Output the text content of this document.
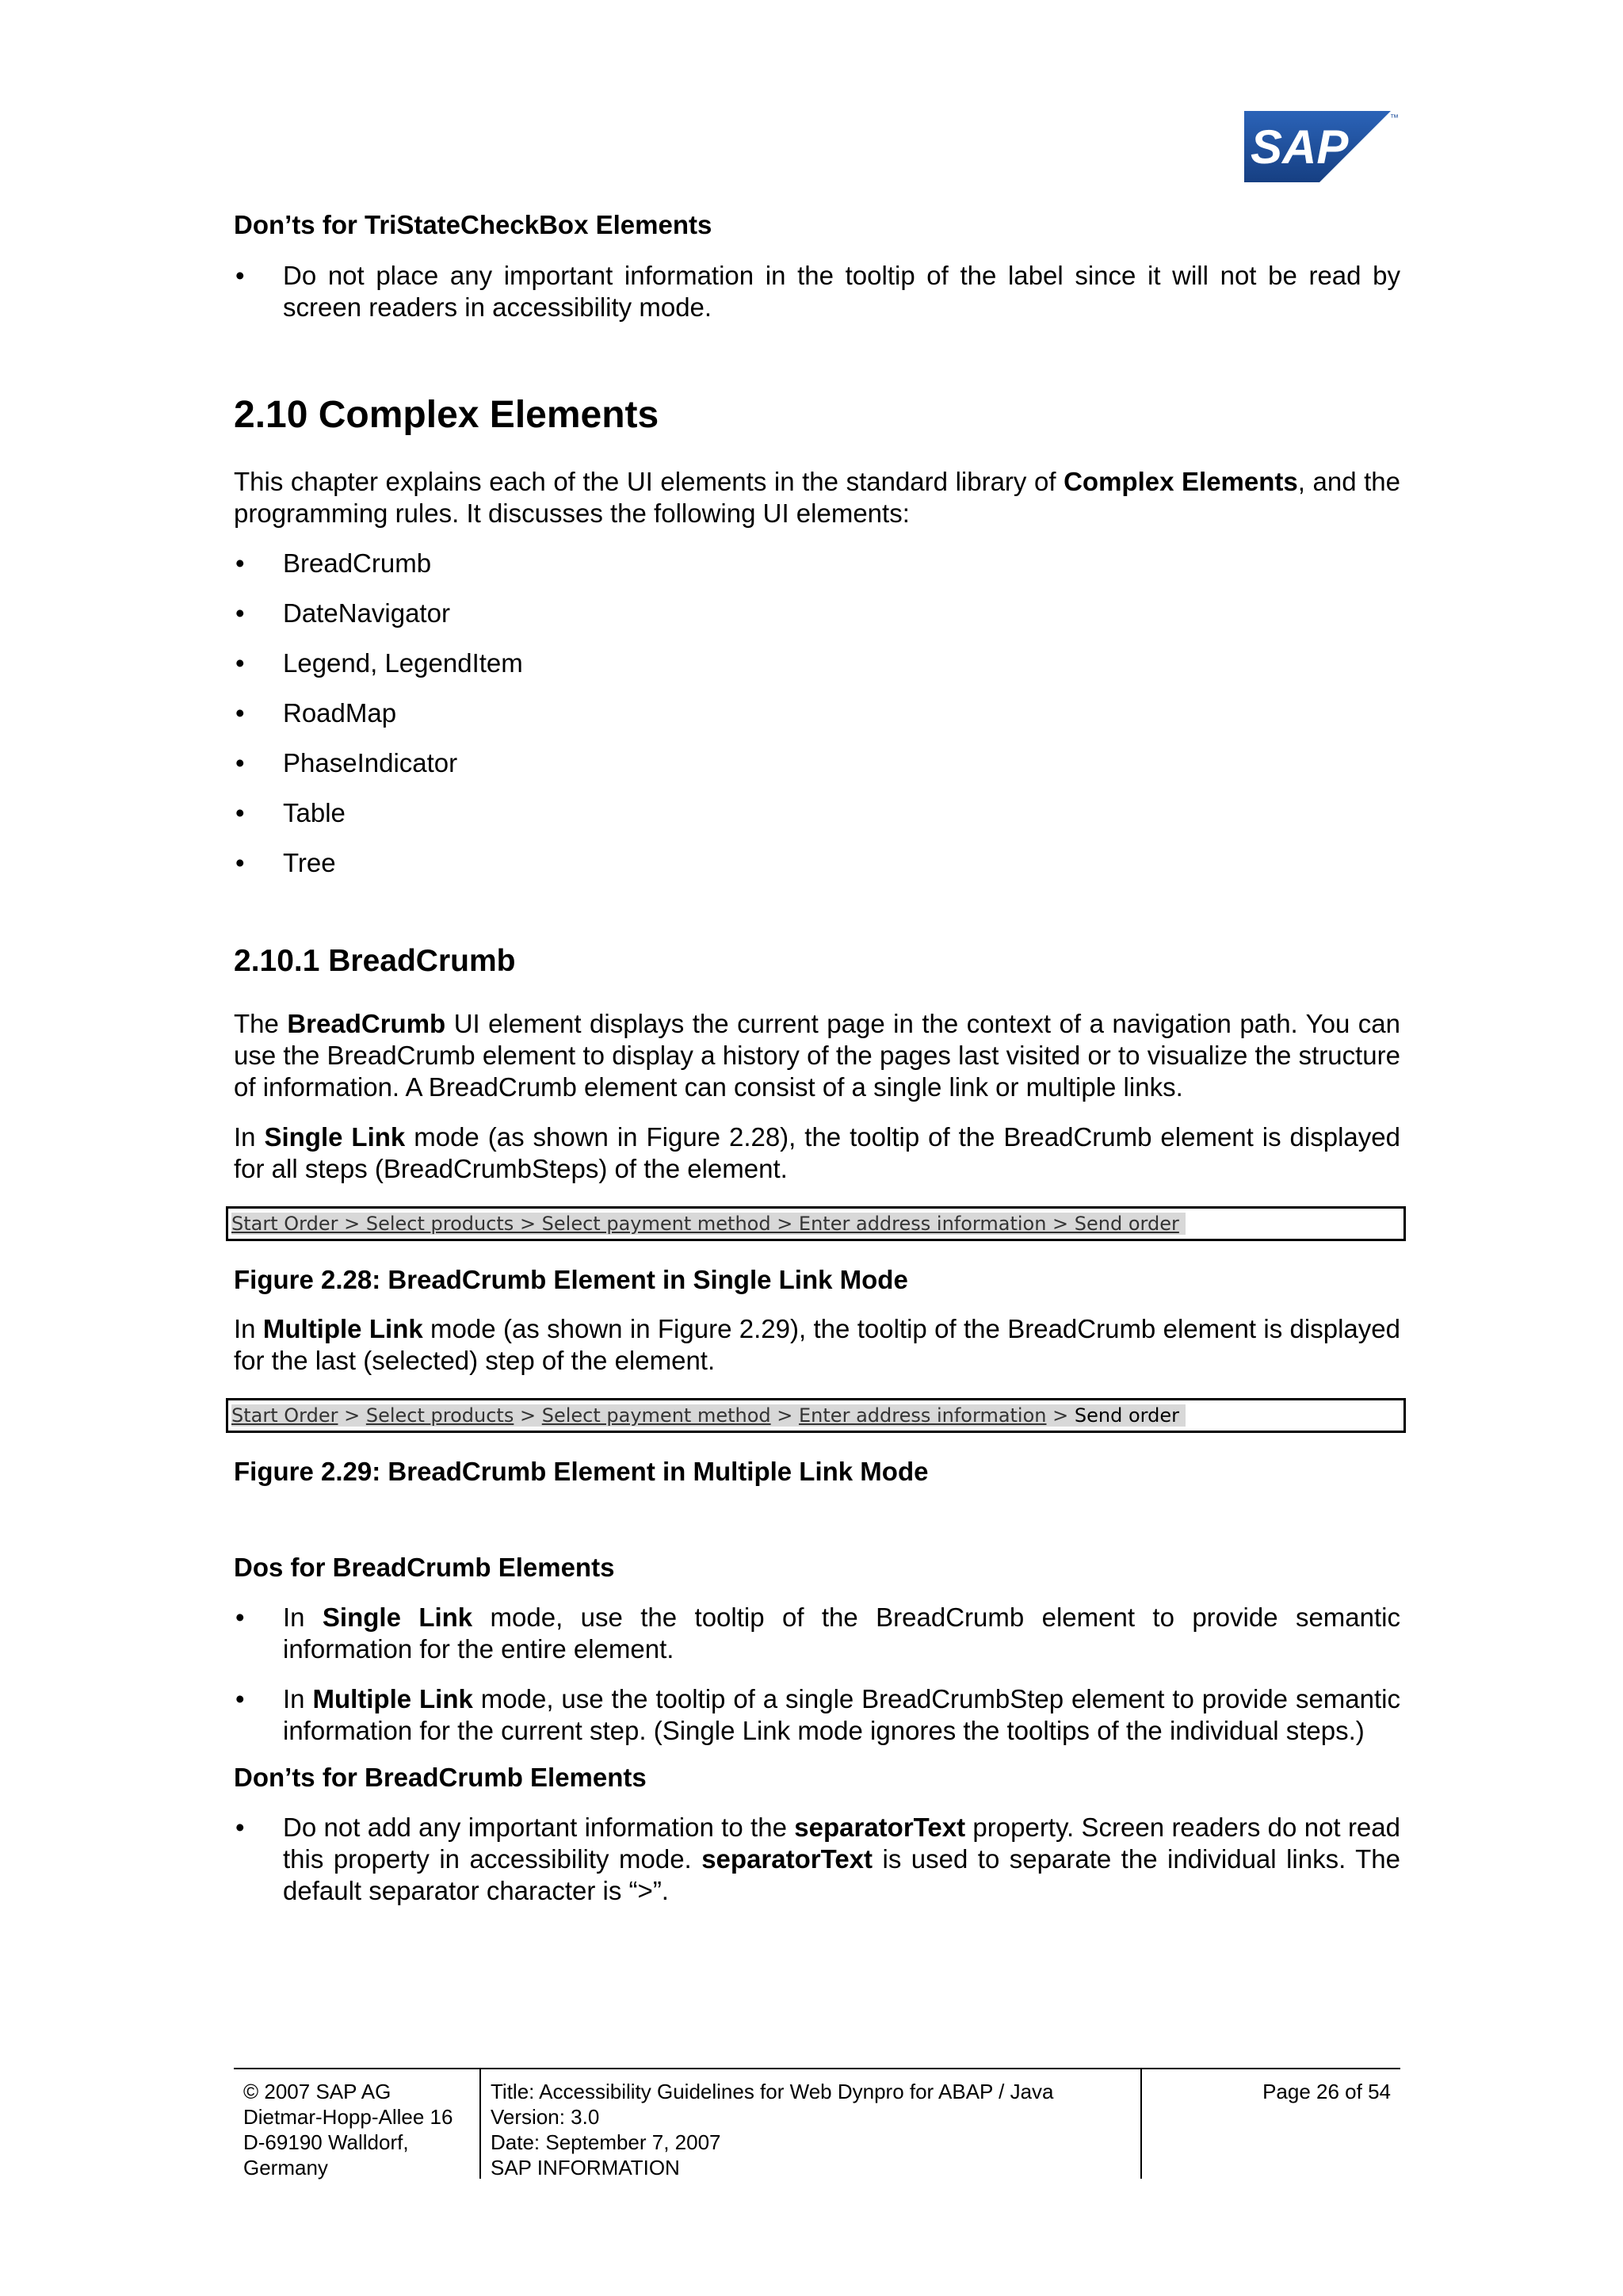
SAP
™
Don’ts for TriStateCheckBox Elements
• Do not place any important information in the tooltip of the label since it will not be read by screen readers in accessibility mode.
2.10 Complex Elements

This chapter explains each of the UI elements in the standard library of Complex Elements, and the programming rules. It discusses the following UI elements:

• BreadCrumb
• DateNavigator
• Legend, LegendItem
• RoadMap
• PhaseIndicator
• Table
• Tree
2.10.1 BreadCrumb

The BreadCrumb UI element displays the current page in the context of a navigation path. You can use the BreadCrumb element to display a history of the pages last visited or to visualize the structure of information. A BreadCrumb element can consist of a single link or multiple links.

In Single Link mode (as shown in Figure 2.28), the tooltip of the BreadCrumb element is displayed for all steps (BreadCrumbSteps) of the element.

Start Order > Select products > Select payment method > Enter address information > Send order
Figure 2.28: BreadCrumb Element in Single Link Mode

In Multiple Link mode (as shown in Figure 2.29), the tooltip of the BreadCrumb element is displayed for the last (selected) step of the element.

Start Order > Select products > Select payment method > Enter address information > Send order
Figure 2.29: BreadCrumb Element in Multiple Link Mode
Dos for BreadCrumb Elements
• In Single Link mode, use the tooltip of the BreadCrumb element to provide semantic information for the entire element.
• In Multiple Link mode, use the tooltip of a single BreadCrumbStep element to provide semantic information for the current step. (Single Link mode ignores the tooltips of the individual steps.)
Don’ts for BreadCrumb Elements
• Do not add any important information to the separatorText property. Screen readers do not read this property in accessibility mode. separatorText is used to separate the individual links. The default separator character is “>”.
© 2007 SAP AG
Dietmar-Hopp-Allee 16
D-69190 Walldorf,
Germany
Title: Accessibility Guidelines for Web Dynpro for ABAP / Java
Version: 3.0
Date: September 7, 2007
SAP INFORMATION
Page 26 of 54
